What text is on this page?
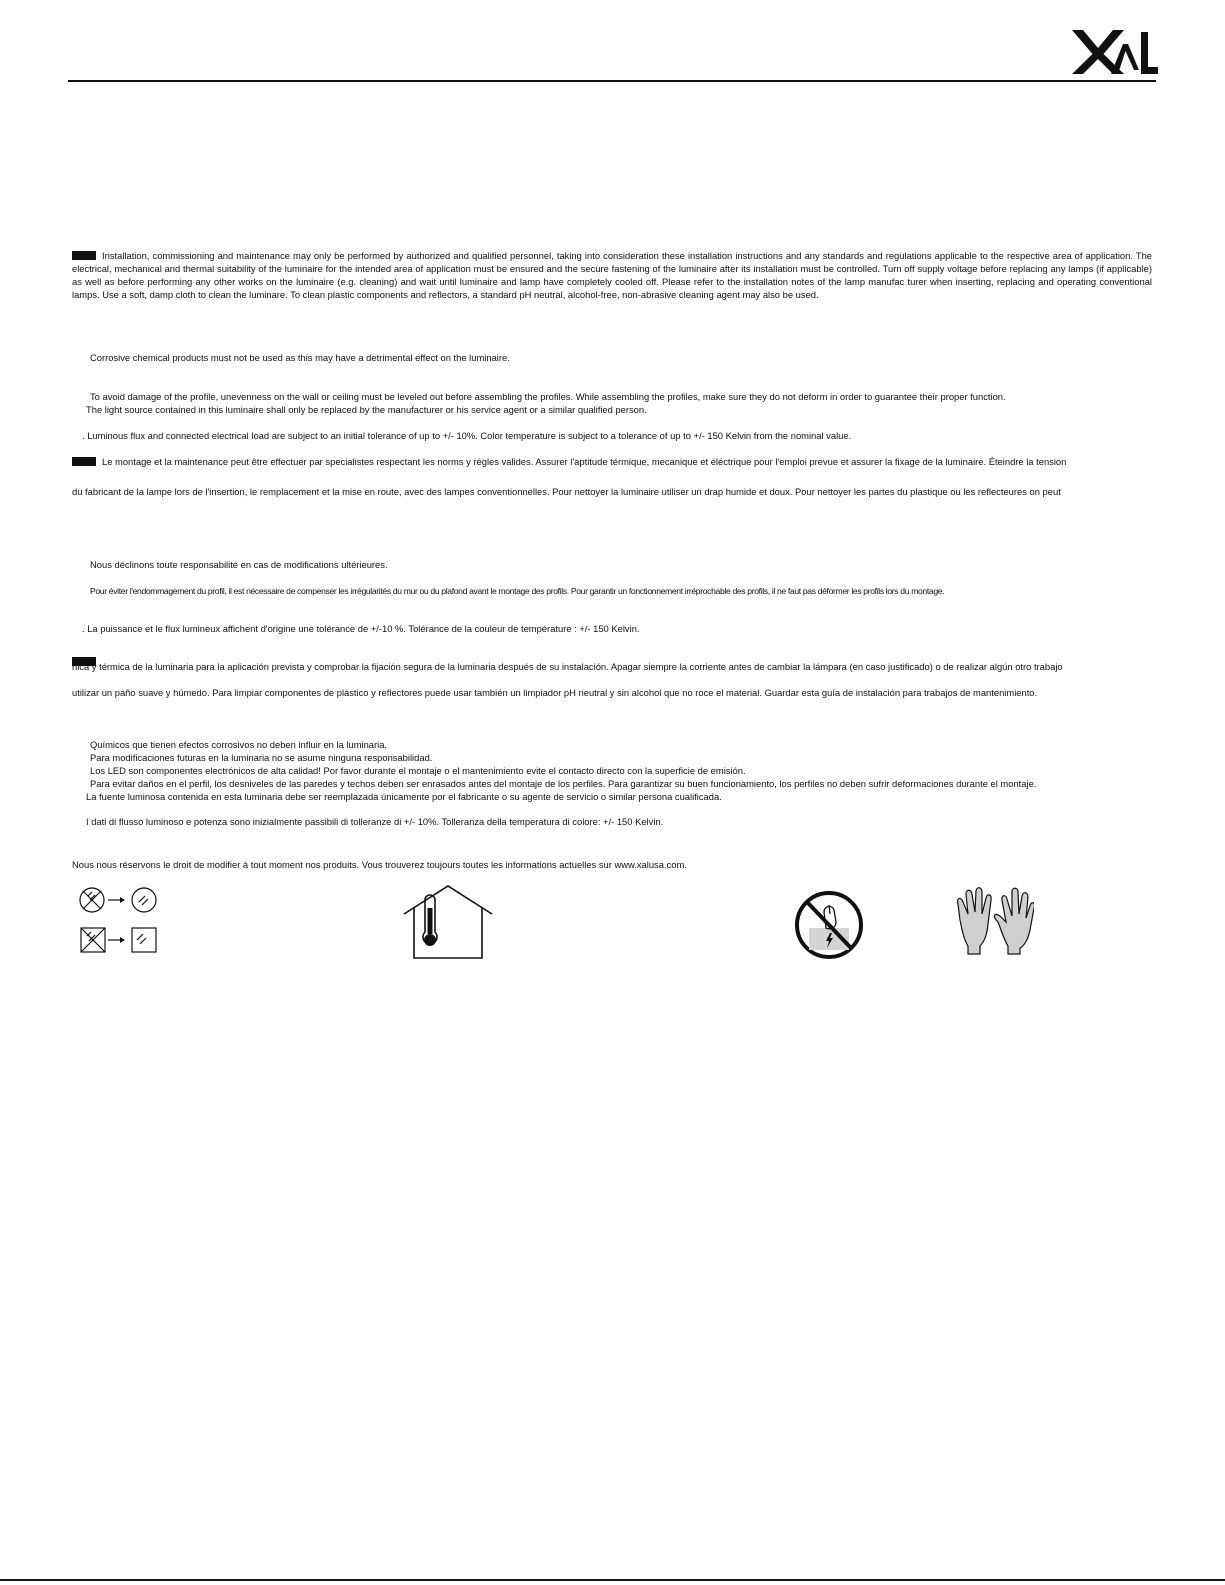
Installation, commissioning and maintenance may only be performed by authorized and qualified personnel, taking into consideration these installation instructions and any standards and regulations applicable to the respective area of application. The electrical, mechanical and thermal suitability of the luminaire for the intended area of application must be ensured and the secure fastening of the luminaire after its installation must be controlled. Turn off supply voltage before replacing any lamps (if applicable) as well as before performing any other works on the luminaire (e.g. cleaning) and wait until luminaire and lamp have completely cooled off. Please refer to the installation notes of the lamp manufac turer when inserting, replacing and operating conventional lamps. Use a soft, damp cloth to clean the luminare. To clean plastic components and reflectors, a standard pH neutral, alcohol-free, non-abrasive cleaning agent may also be used.

Corrosive chemical products must not be used as this may have a detrimental effect on the luminaire.

To avoid damage of the profile, unevenness on the wall or ceiling must be leveled out before assembling the profiles. While assembling the profiles, make sure they do not deform in order to guarantee their proper function.

The light source contained in this luminaire shall only be replaced by the manufacturer or his service agent or a similar qualified person.

. Luminous flux and connected electrical load are subject to an initial tolerance of up to +/- 10%. Color temperature is subject to a tolerance of up to +/- 150 Kelvin from the nominal value.

Le montage et la maintenance peut être effectuer par specialistes respectant les norms y régles valides. Assurer l'aptitude térmique, mecanique et éléctrique pour l'emploi prevue et assurer la fixage de la luminaire. Éteindre la tension

du fabricant de la lampe lors de l'insertion, le remplacement et la mise en route, avec des lampes conventionnelles. Pour nettoyer la luminaire utiliser un drap humide et doux. Pour nettoyer les partes du plastique ou les reflecteures on peut

Nous déclinons toute responsabilité en cas de modifications ultérieures.

Pour éviter l'endommagement du profil, il est nécessaire de compenser les irrégularités du mur ou du plafond avant le montage des profils. Pour garantir un fonctionnement irréprochable des profils, il ne faut pas déformer les profils lors du montage.

. La puissance et le flux lumineux affichent d'origine une tolérance de +/-10 %. Tolérance de la couleur de température : +/- 150 Kelvin.

nica y térmica de la luminaria para la aplicación prevista y comprobar la fijación segura de la luminaria después de su instalación. Apagar siempre la corriente antes de cambiar la lámpara (en caso justificado) o de realizar algún otro trabajo

utilizar un paño suave y húmedo. Para limpiar componentes de plástico y reflectores puede usar también un limpiador pH neutral y sin alcohol que no roce el material. Guardar esta guía de instalación para trabajos de mantenimiento.

Químicos que tienen efectos corrosivos no deben influir en la luminaria.

Para modificaciones futuras en la luminaria no se asume ninguna responsabilidad.

Los LED son componentes electrónicos de alta calidad! Por favor durante el montaje o el mantenimiento evite el contacto directo con la superficie de emisión.

Para evitar daños en el perfil, los desniveles de las paredes y techos deben ser enrasados antes del montaje de los perfiles. Para garantizar su buen funcionamiento, los perfiles no deben sufrir deformaciones durante el montaje.

La fuente luminosa contenida en esta luminaria debe ser reemplazada únicamente por el fabricante o su agente de servicio o similar persona cualificada.

I dati di flusso luminoso e potenza sono inizialmente passibili di tolleranze di +/- 10%. Tolleranza della temperatura di colore: +/- 150 Kelvin.

Nous nous réservons le droit de modifier à tout moment nos produits. Vous trouverez toujours toutes les informations actuelles sur www.xalusa.com.
